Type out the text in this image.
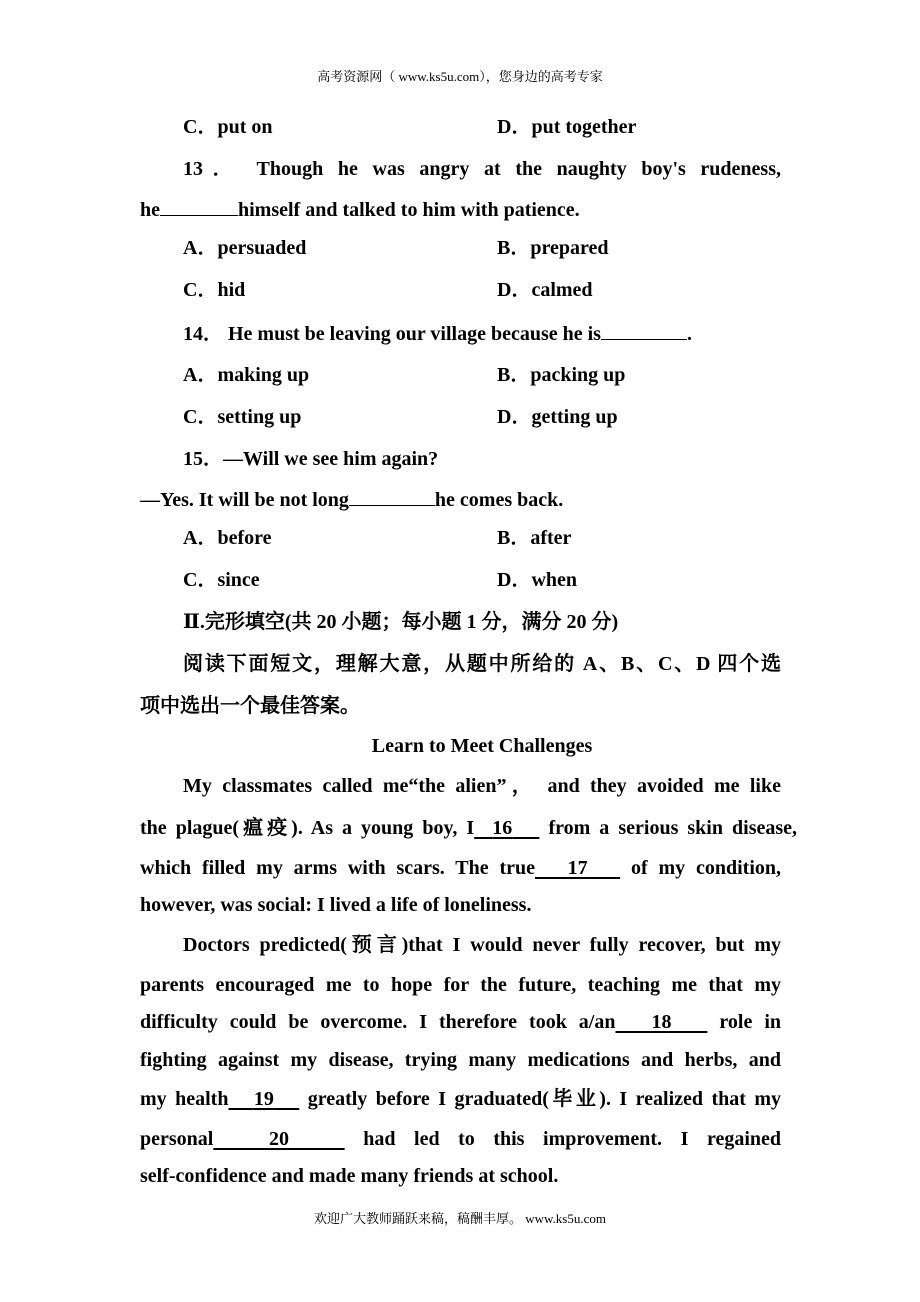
高考资源网（ www.ks5u.com），您身边的高考专家
C．put on	D．put together
13． Though he was angry at the naughty boy's rudeness,
he	himself and talked to him with patience.
A．persuaded	B．prepared
C．hid	D．calmed
14． He must be leaving our village because he is	.
A．making up	B．packing up
C．setting up	D．getting up
15．—Will we see him again?
—Yes. It will be not long	he comes back.
A．before	B．after
C．since	D．when
Ⅱ.完形填空(共 20 小题；每小题 1 分，满分 20 分)
阅读下面短文，理解大意，从题中所给的 A、B、C、D 四个选
项中选出一个最佳答案。
Learn to Meet Challenges
My classmates called me“the alien”， and they avoided me like
the plague(瘟疫). As a young boy, I 16 from a serious skin disease,
which filled my arms with scars. The true 17 of my condition,
however, was social: I lived a life of loneliness.
Doctors predicted(预言)that I would never fully recover, but my
parents encouraged me to hope for the future, teaching me that my
difficulty could be overcome. I therefore took a/an 18 role in
fighting against my disease, trying many medications and herbs, and
my health 19 greatly before I graduated(毕业). I realized that my
personal	20	had led to this improvement. I regained
self-confidence and made many friends at school.
欢迎广大教师踊跃来稿，稿酬丰厚。 www.ks5u.com
